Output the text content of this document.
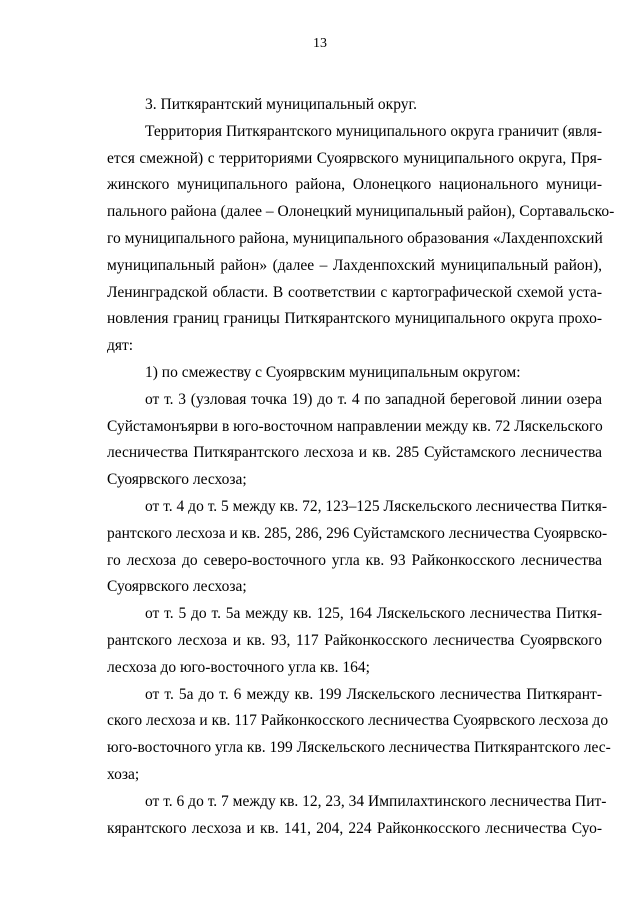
13
3. Питкярантский муниципальный округ.
Территория Питкярантского муниципального округа граничит (явля-
ется смежной) с территориями Суоярвского муниципального округа, Пря-
жинского муниципального района, Олонецкого национального муници-
пального района (далее – Олонецкий муниципальный район), Сортавальско-
го муниципального района, муниципального образования «Лахденпохский
муниципальный район» (далее – Лахденпохский муниципальный район),
Ленинградской области. В соответствии с картографической схемой уста-
новления границ границы Питкярантского муниципального округа прохо-
дят:
1) по смежеству с Суоярвским муниципальным округом:
от т. 3 (узловая точка 19) до т. 4 по западной береговой линии озера
Суйстамонъярви в юго-восточном направлении между кв. 72 Ляскельского
лесничества Питкярантского лесхоза и кв. 285 Суйстамского лесничества
Суоярвского лесхоза;
от т. 4 до т. 5 между кв. 72, 123–125 Ляскельского лесничества Питкя-
рантского лесхоза и кв. 285, 286, 296 Суйстамского лесничества Суоярвско-
го лесхоза до северо-восточного угла кв. 93 Райконкосского лесничества
Суоярвского лесхоза;
от т. 5 до т. 5а между кв. 125, 164 Ляскельского лесничества Питкя-
рантского лесхоза и кв. 93, 117 Райконкосского лесничества Суоярвского
лесхоза до юго-восточного угла кв. 164;
от т. 5а до т. 6 между кв. 199 Ляскельского лесничества Питкярант-
ского лесхоза и кв. 117 Райконкосского лесничества Суоярвского лесхоза до
юго-восточного угла кв. 199 Ляскельского лесничества Питкярантского лес-
хоза;
от т. 6 до т. 7 между кв. 12, 23, 34 Импилахтинского лесничества Пит-
кярантского лесхоза и кв. 141, 204, 224 Райконкосского лесничества Суо-
